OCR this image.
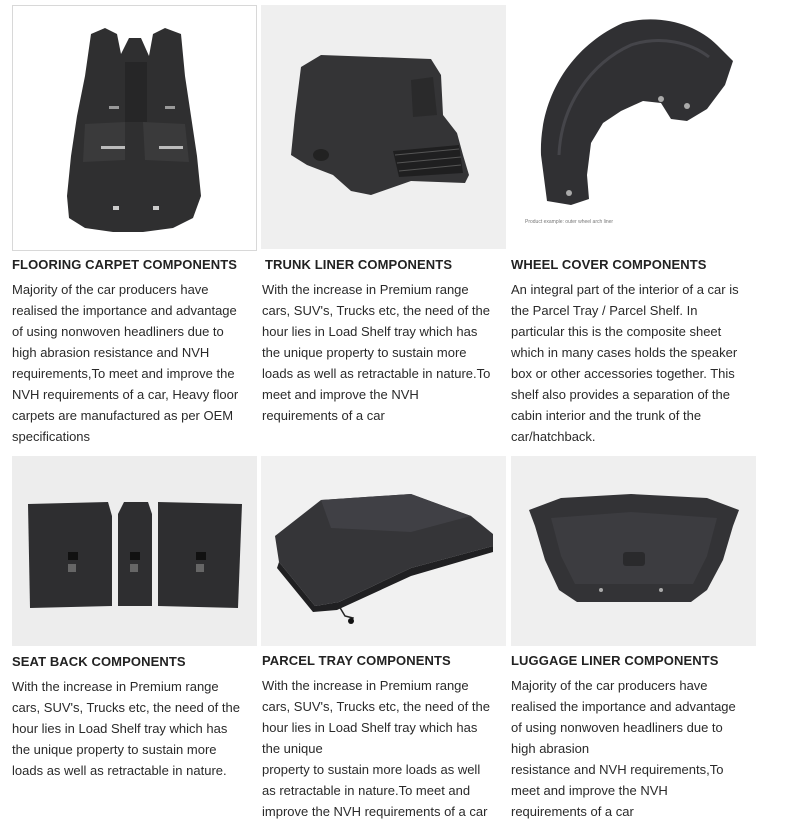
FLOORING CARPET COMPONENTS
Majority of the car producers have
realised the importance and advantage
of using nonwoven headliners due to
high abrasion resistance and NVH
requirements,To meet and improve the
NVH requirements of a car, Heavy floor
carpets are manufactured as per OEM
specifications
TRUNK LINER COMPONENTS
With the increase in Premium range
cars, SUV's, Trucks etc, the need of the
hour lies in Load Shelf tray which has
the unique property to sustain more
loads as well as retractable in nature.To
meet and improve the NVH
requirements of a car
Product example: outer wheel arch liner
WHEEL COVER COMPONENTS
An integral part of the interior of a car is
the Parcel Tray / Parcel Shelf. In
particular this is the composite sheet
which in many cases holds the speaker
box or other accessories together. This
shelf also provides a separation of the
cabin interior and the trunk of the
car/hatchback.
SEAT BACK COMPONENTS
With the increase in Premium range
cars, SUV's, Trucks etc, the need of the
hour lies in Load Shelf tray which has
the unique property to sustain more
loads as well as retractable in nature.
PARCEL TRAY COMPONENTS
With the increase in Premium range
cars, SUV's, Trucks etc, the need of the
hour lies in Load Shelf tray which has
the unique
property to sustain more loads as well
as retractable in nature.To meet and
improve the NVH requirements of a car
LUGGAGE LINER COMPONENTS
Majority of the car producers have
realised the importance and advantage
of using nonwoven headliners due to
high abrasion
resistance and NVH requirements,To
meet and improve the NVH
requirements of a car
